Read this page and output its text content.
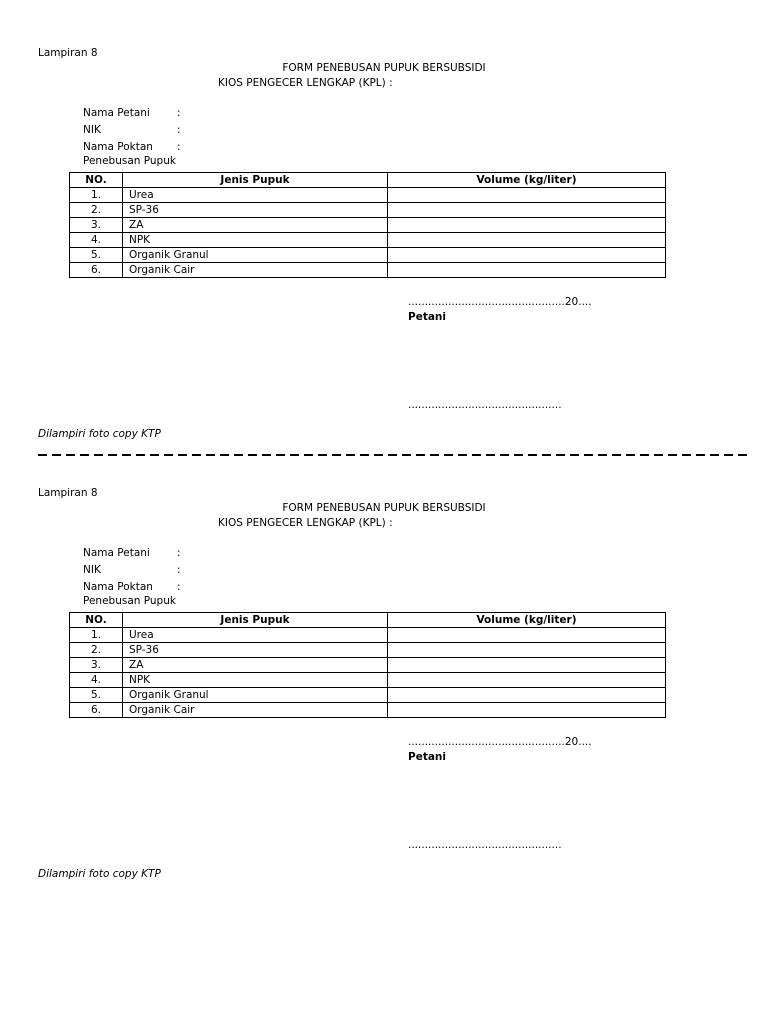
Lampiran 8
FORM PENEBUSAN PUPUK BERSUBSIDI
KIOS PENGECER LENGKAP (KPL) :
Nama Petani	:
NIK	:
Nama Poktan :
Penebusan Pupuk
NO.	Jenis Pupuk	Volume (kg/liter)
1.	Urea	
2.	SP-36	
3.	ZA	
4.	NPK	
5.	Organik Granul	
6.	Organik Cair	
...............................................20....
Petani
..............................................
Dilampiri foto copy KTP
Lampiran 8
FORM PENEBUSAN PUPUK BERSUBSIDI
KIOS PENGECER LENGKAP (KPL) :
Nama Petani	:
NIK	:
Nama Poktan :
Penebusan Pupuk
NO.	Jenis Pupuk	Volume (kg/liter)
1.	Urea	
2.	SP-36	
3.	ZA	
4.	NPK	
5.	Organik Granul	
6.	Organik Cair	
...............................................20....
Petani
..............................................
Dilampiri foto copy KTP
